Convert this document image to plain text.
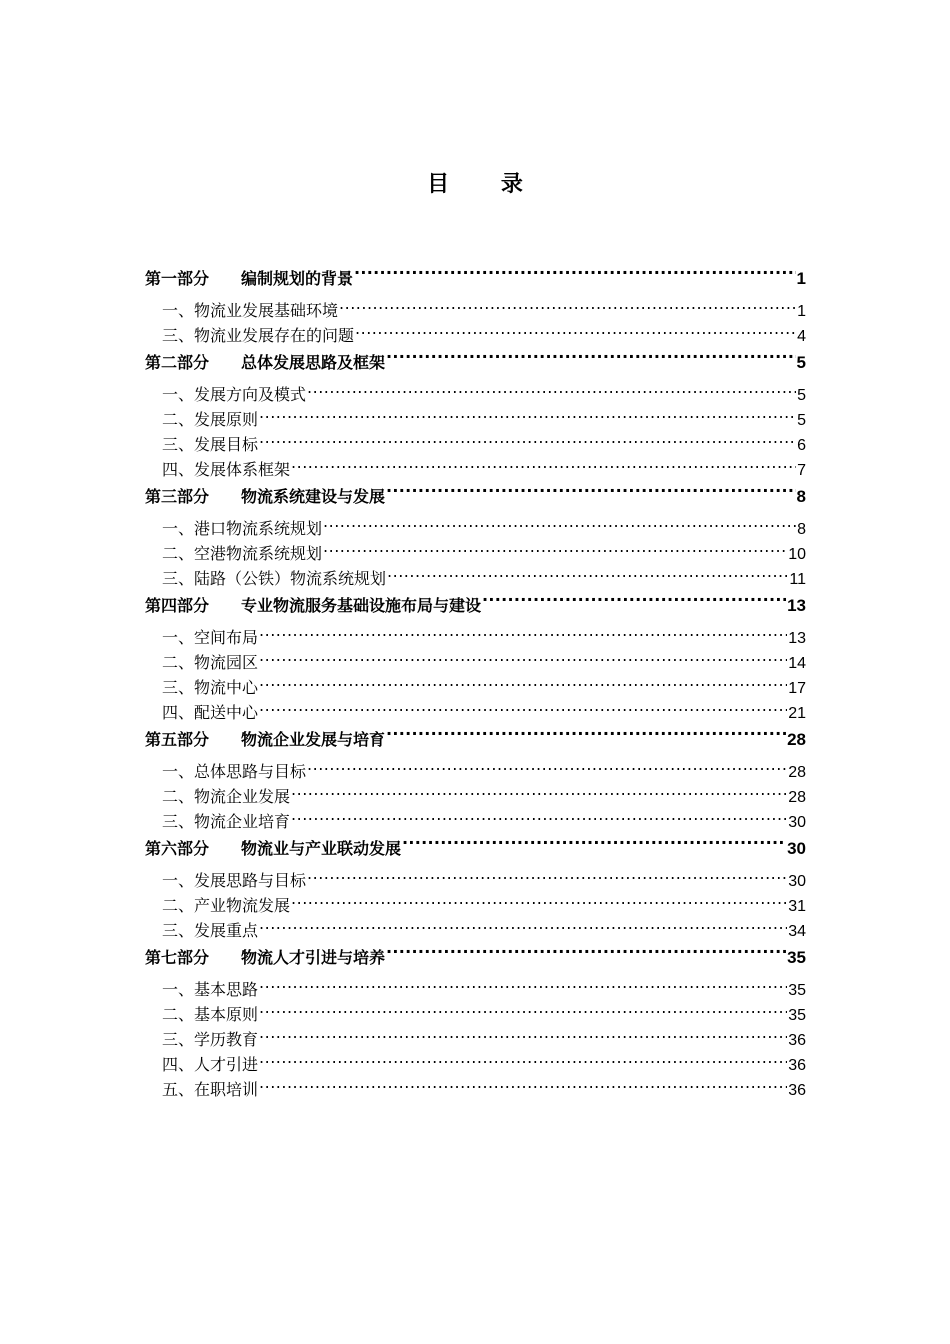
目 录
第一部分 编制规划的背景 .....	1
一、物流业发展基础环境 .....	1
三、物流业发展存在的问题 .....	4
第二部分 总体发展思路及框架 .....	5
一、发展方向及模式 .....	5
二、发展原则 .....	5
三、发展目标 .....	6
四、发展体系框架 .....	7
第三部分 物流系统建设与发展 .....	8
一、港口物流系统规划 .....	8
二、空港物流系统规划 .....	10
三、陆路（公铁）物流系统规划 .....	11
第四部分 专业物流服务基础设施布局与建设 .....	13
一、空间布局 .....	13
二、物流园区 .....	14
三、物流中心 .....	17
四、配送中心 .....	21
第五部分 物流企业发展与培育 .....	28
一、总体思路与目标 .....	28
二、物流企业发展 .....	28
三、物流企业培育 .....	30
第六部分 物流业与产业联动发展 .....	30
一、发展思路与目标 .....	30
二、产业物流发展 .....	31
三、发展重点 .....	34
第七部分 物流人才引进与培养 .....	35
一、基本思路 .....	35
二、基本原则 .....	35
三、学历教育 .....	36
四、人才引进 .....	36
五、在职培训 .....	36
